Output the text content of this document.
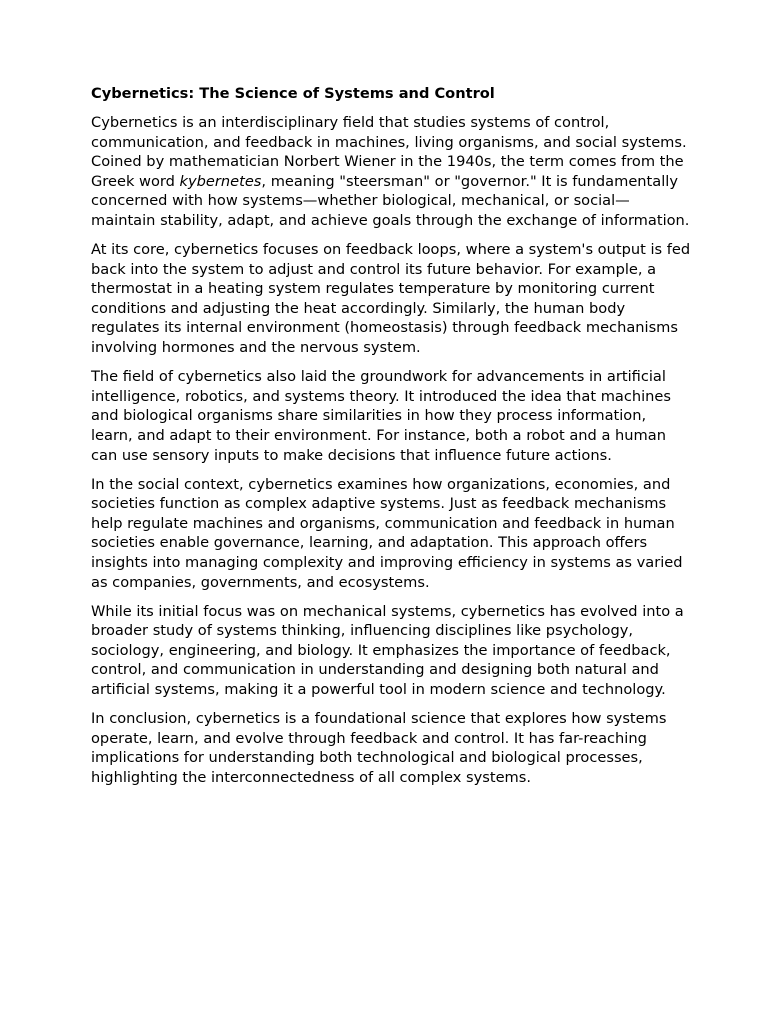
Cybernetics: The Science of Systems and Control

Cybernetics is an interdisciplinary field that studies systems of control, communication, and feedback in machines, living organisms, and social systems. Coined by mathematician Norbert Wiener in the 1940s, the term comes from the Greek word kybernetes, meaning "steersman" or "governor." It is fundamentally concerned with how systems—whether biological, mechanical, or social—maintain stability, adapt, and achieve goals through the exchange of information.

At its core, cybernetics focuses on feedback loops, where a system's output is fed back into the system to adjust and control its future behavior. For example, a thermostat in a heating system regulates temperature by monitoring current conditions and adjusting the heat accordingly. Similarly, the human body regulates its internal environment (homeostasis) through feedback mechanisms involving hormones and the nervous system.

The field of cybernetics also laid the groundwork for advancements in artificial intelligence, robotics, and systems theory. It introduced the idea that machines and biological organisms share similarities in how they process information, learn, and adapt to their environment. For instance, both a robot and a human can use sensory inputs to make decisions that influence future actions.

In the social context, cybernetics examines how organizations, economies, and societies function as complex adaptive systems. Just as feedback mechanisms help regulate machines and organisms, communication and feedback in human societies enable governance, learning, and adaptation. This approach offers insights into managing complexity and improving efficiency in systems as varied as companies, governments, and ecosystems.

While its initial focus was on mechanical systems, cybernetics has evolved into a broader study of systems thinking, influencing disciplines like psychology, sociology, engineering, and biology. It emphasizes the importance of feedback, control, and communication in understanding and designing both natural and artificial systems, making it a powerful tool in modern science and technology.

In conclusion, cybernetics is a foundational science that explores how systems operate, learn, and evolve through feedback and control. It has far-reaching implications for understanding both technological and biological processes, highlighting the interconnectedness of all complex systems.
